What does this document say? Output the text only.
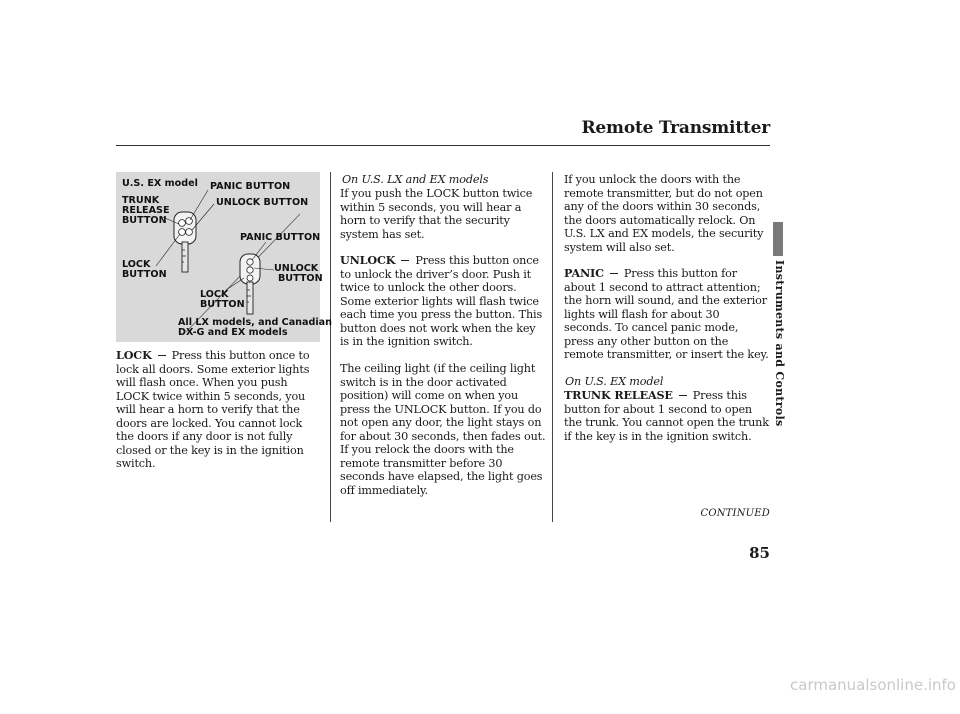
Remote Transmitter
Instruments and Controls
U.S. EX model PANIC BUTTON
UNLOCK BUTTON
TRUNK
RELEASE
BUTTON
PANIC BUTTON
LOCK
BUTTON
UNLOCK
BUTTON
LOCK
BUTTON
All LX models, and Canadian
DX-G and EX models
LOCK Press this button once to lock all doors. Some exterior lights will flash once. When you push LOCK twice within 5 seconds, you will hear a horn to verify that the doors are locked. You cannot lock the doors if any door is not fully closed or the key is in the ignition switch.
On U.S. LX and EX models
If you push the LOCK button twice within 5 seconds, you will hear a horn to verify that the security system has set.
UNLOCK Press this button once to unlock the driver’s door. Push it twice to unlock the other doors. Some exterior lights will flash twice each time you press the button. This button does not work when the key is in the ignition switch.
The ceiling light (if the ceiling light switch is in the door activated position) will come on when you press the UNLOCK button. If you do not open any door, the light stays on for about 30 seconds, then fades out. If you relock the doors with the remote transmitter before 30 seconds have elapsed, the light goes off immediately.
If you unlock the doors with the remote transmitter, but do not open any of the doors within 30 seconds, the doors automatically relock. On U.S. LX and EX models, the security system will also set.
PANIC Press this button for about 1 second to attract attention; the horn will sound, and the exterior lights will flash for about 30 seconds. To cancel panic mode, press any other button on the remote transmitter, or insert the key.
On U.S. EX model
TRUNK RELEASE Press this button for about 1 second to open the trunk. You cannot open the trunk if the key is in the ignition switch.
CONTINUED
85
carmanualsonline.info
